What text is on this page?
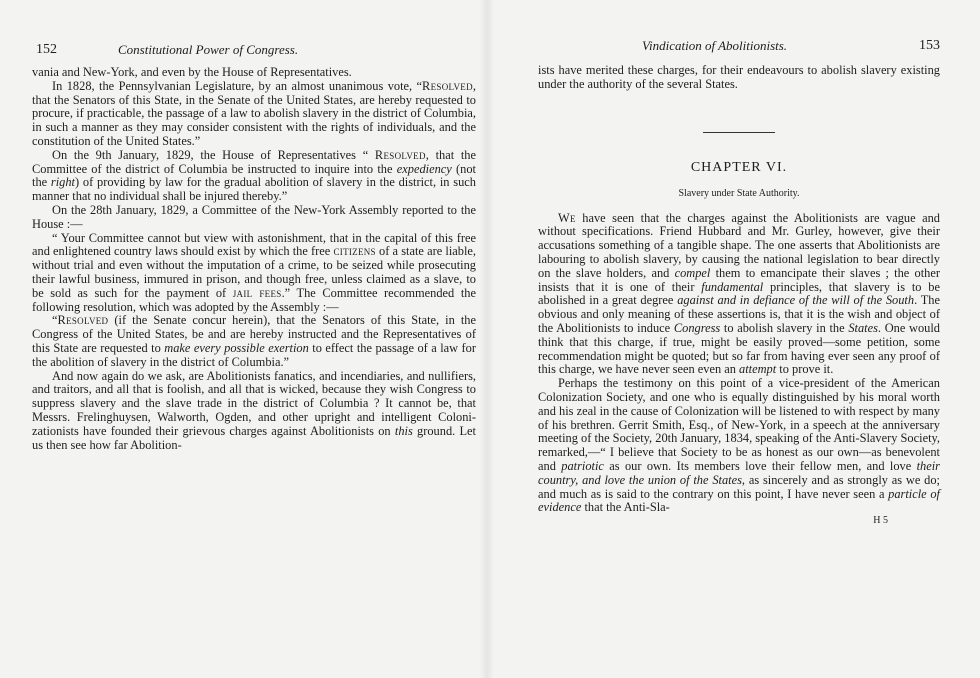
152	Constitutional Power of Congress.

vania and New-York, and even by the House of Representatives.

In 1828, the Pennsylvanian Legislature, by an almost unanimous vote, “Resolved, that the Senators of this State, in the Senate of the United States, are hereby requested to procure, if practicable, the passage of a law to abolish slavery in the district of Columbia, in such a manner as they may consider consistent with the rights of individuals, and the constitution of the United States.”

On the 9th January, 1829, the House of Representatives “ Resolved, that the Committee of the district of Columbia be instructed to inquire into the expediency (not the right) of providing by law for the gradual abolition of slavery in the district, in such manner that no individual shall be injured thereby.”

On the 28th January, 1829, a Committee of the New-York Assembly reported to the House :—

“ Your Committee cannot but view with astonishment, that in the capital of this free and enlightened country laws should exist by which the free citizens of a state are liable, without trial and even without the imputation of a crime, to be seized while prosecuting their lawful business, immured in prison, and though free, unless claimed as a slave, to be sold as such for the payment of jail fees.” The Committee recommended the following resolution, which was adopted by the Assembly :—

“Resolved (if the Senate concur herein), that the Senators of this State, in the Congress of the United States, be and are hereby instructed and the Representatives of this State are requested to make every possible exertion to effect the passage of a law for the abolition of slavery in the district of Columbia.”

And now again do we ask, are Abolitionists fanatics, and incendiaries, and nullifiers, and traitors, and all that is foolish, and all that is wicked, because they wish Congress to suppress slavery and the slave trade in the district of Columbia ? It cannot be, that Messrs. Frelinghuysen, Walworth, Ogden, and other upright and intelligent Colonizationists have founded their grievous charges against Abolitionists on this ground. Let us then see how far Abolition-

Vindication of Abolitionists.	153

ists have merited these charges, for their endeavours to abolish slavery existing under the authority of the several States.

CHAPTER VI.
Slavery under State Authority.

We have seen that the charges against the Abolitionists are vague and without specifications. Friend Hubbard and Mr. Gurley, however, give their accusations something of a tangible shape. The one asserts that Abolitionists are labouring to abolish slavery, by causing the national legislation to bear directly on the slave holders, and compel them to emancipate their slaves ; the other insists that it is one of their fundamental principles, that slavery is to be abolished in a great degree against and in defiance of the will of the South. The obvious and only meaning of these assertions is, that it is the wish and object of the Abolitionists to induce Congress to abolish slavery in the States. One would think that this charge, if true, might be easily proved—some petition, some recommendation might be quoted; but so far from having ever seen any proof of this charge, we have never seen even an attempt to prove it.

Perhaps the testimony on this point of a vice-president of the American Colonization Society, and one who is equally distinguished by his moral worth and his zeal in the cause of Colonization will be listened to with respect by many of his brethren. Gerrit Smith, Esq., of New-York, in a speech at the anniversary meeting of the Society, 20th January, 1834, speaking of the Anti-Slavery Society, remarked,—“ I believe that Society to be as honest as our own—as benevolent and patriotic as our own. Its members love their fellow men, and love their country, and love the union of the States, as sincerely and as strongly as we do; and much as is said to the contrary on this point, I have never seen a particle of evidence that the Anti-Sla-

H 5
